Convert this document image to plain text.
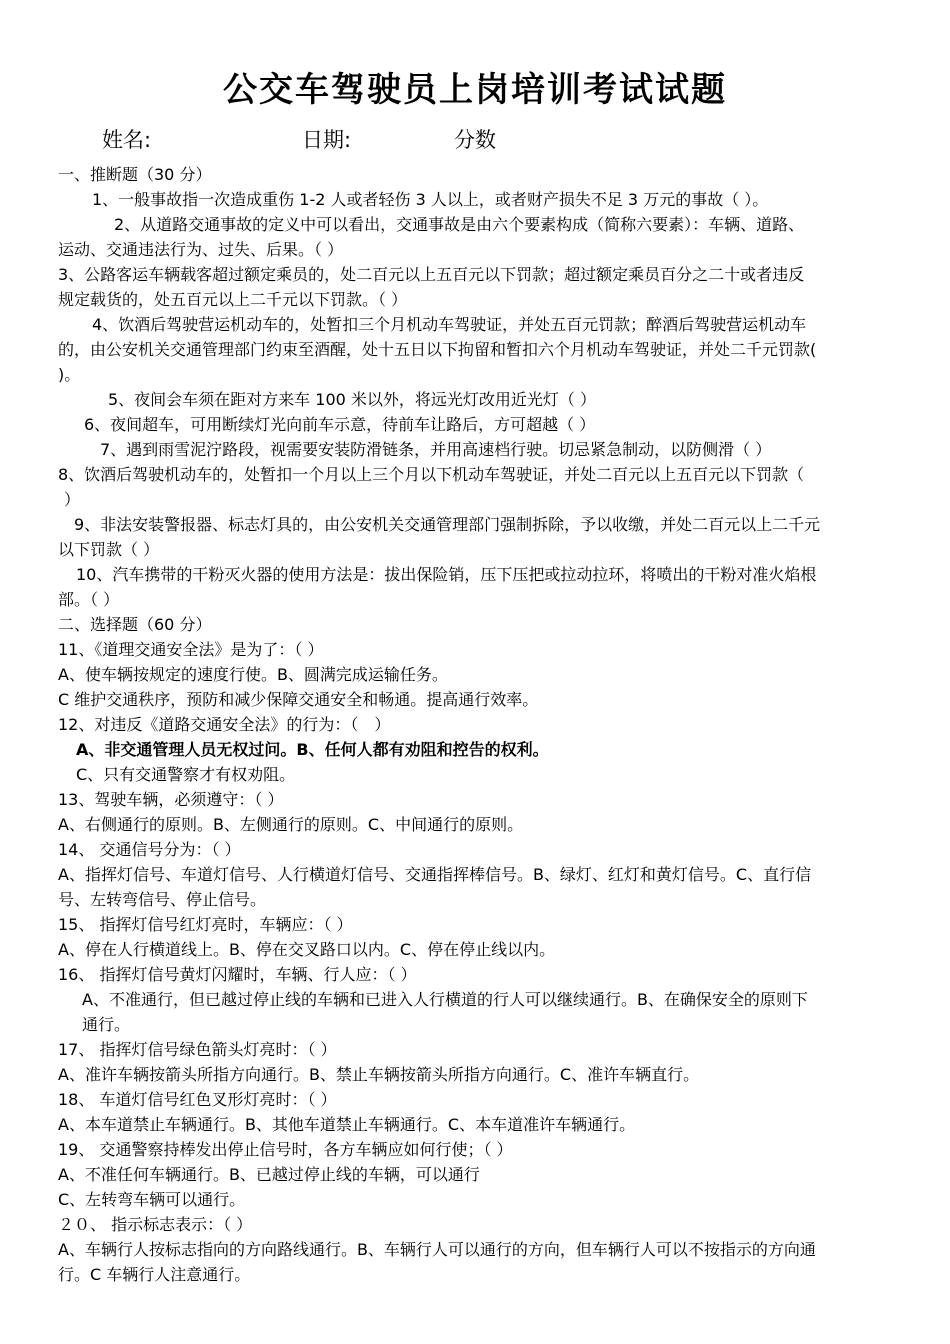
公交车驾驶员上岗培训考试试题
姓名:	日期:	分数
一、推断题（30 分）
1、一般事故指一次造成重伤 1-2 人或者轻伤 3 人以上，或者财产损失不足 3 万元的事故（ ）。
2、从道路交通事故的定义中可以看出，交通事故是由六个要素构成（简称六要素）：车辆、道路、
运动、交通违法行为、过失、后果。（ ）
3、公路客运车辆载客超过额定乘员的，处二百元以上五百元以下罚款；超过额定乘员百分之二十或者违反
规定载货的，处五百元以上二千元以下罚款。（ ）
4、饮酒后驾驶营运机动车的，处暂扣三个月机动车驾驶证，并处五百元罚款；醉酒后驾驶营运机动车
的，由公安机关交通管理部门约束至酒醒，处十五日以下拘留和暂扣六个月机动车驾驶证，并处二千元罚款(
)。
5、夜间会车须在距对方来车 100 米以外，将远光灯改用近光灯（ ）
6、夜间超车，可用断续灯光向前车示意，待前车让路后，方可超越（ ）
7、遇到雨雪泥泞路段，视需要安装防滑链条，并用高速档行驶。切忌紧急制动，以防侧滑（ ）
8、饮酒后驾驶机动车的，处暂扣一个月以上三个月以下机动车驾驶证，并处二百元以上五百元以下罚款（
）
9、非法安装警报器、标志灯具的，由公安机关交通管理部门强制拆除，予以收缴，并处二百元以上二千元
以下罚款（ ）
10、汽车携带的干粉灭火器的使用方法是：拔出保险销，压下压把或拉动拉环，将喷出的干粉对准火焰根
部。（ ）
二、选择题（60 分）
11、《道理交通安全法》是为了：（ ）
A、使车辆按规定的速度行使。B、圆满完成运输任务。
C 维护交通秩序，预防和减少保障交通安全和畅通。提高通行效率。
12、对违反《道路交通安全法》的行为：（　）
A、非交通管理人员无权过问。B、任何人都有劝阻和控告的权利。
C、只有交通警察才有权劝阻。
13、驾驶车辆，必须遵守：（ ）
A、右侧通行的原则。B、左侧通行的原则。C、中间通行的原则。
14、 交通信号分为：（ ）
A、指挥灯信号、车道灯信号、人行横道灯信号、交通指挥棒信号。B、绿灯、红灯和黄灯信号。C、直行信
号、左转弯信号、停止信号。
15、 指挥灯信号红灯亮时，车辆应：（ ）
A、停在人行横道线上。B、停在交叉路口以内。C、停在停止线以内。
16、 指挥灯信号黄灯闪耀时，车辆、行人应：（ ）
A、不准通行，但已越过停止线的车辆和已进入人行横道的行人可以继续通行。B、在确保安全的原则下
通行。
17、 指挥灯信号绿色箭头灯亮时：（ ）
A、准许车辆按箭头所指方向通行。B、禁止车辆按箭头所指方向通行。C、准许车辆直行。
18、 车道灯信号红色叉形灯亮时：（ ）
A、本车道禁止车辆通行。B、其他车道禁止车辆通行。C、本车道准许车辆通行。
19、 交通警察持棒发出停止信号时，各方车辆应如何行使；（ ）
A、不准任何车辆通行。B、已越过停止线的车辆，可以通行
C、左转弯车辆可以通行。
２０、 指示标志表示：（ ）
A、车辆行人按标志指向的方向路线通行。B、车辆行人可以通行的方向，但车辆行人可以不按指示的方向通
行。C 车辆行人注意通行。
